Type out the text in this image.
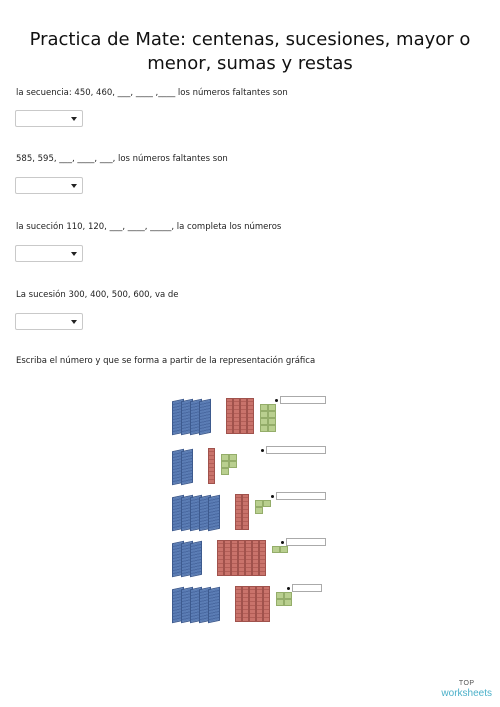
Practica de Mate: centenas, sucesiones, mayor o menor, sumas y restas
la secuencia: 450, 460, ___, ____ ,____ los números faltantes son
585, 595, ___, ____, ___, los números faltantes son
la suceción 110, 120, ___, ____, _____, la completa los números
La sucesión 300, 400, 500, 600, va de
Escriba el número y que se forma a partir de la representación gráfica
TOP
worksheets
